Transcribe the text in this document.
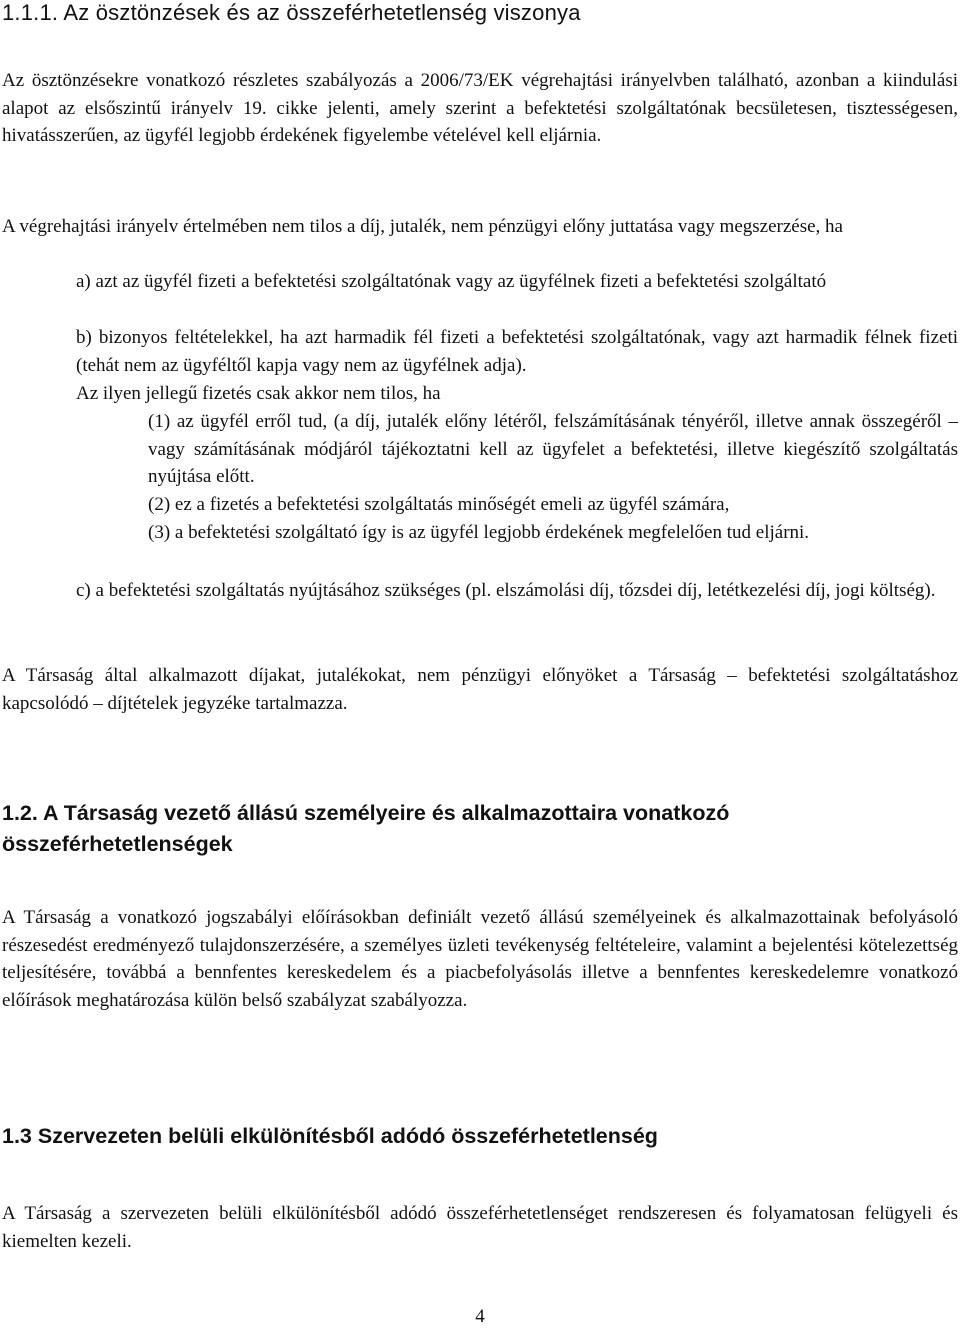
1.1.1. Az ösztönzések és az összeférhetetlenség viszonya

Az ösztönzésekre vonatkozó részletes szabályozás a 2006/73/EK végrehajtási irányelvben található, azonban a kiindulási alapot az elsőszintű irányelv 19. cikke jelenti, amely szerint a befektetési szolgáltatónak becsületesen, tisztességesen, hivatásszerűen, az ügyfél legjobb érdekének figyelembe vételével kell eljárnia.

A végrehajtási irányelv értelmében nem tilos a díj, jutalék, nem pénzügyi előny juttatása vagy megszerzése, ha

a) azt az ügyfél fizeti a befektetési szolgáltatónak vagy az ügyfélnek fizeti a befektetési szolgáltató

b) bizonyos feltételekkel, ha azt harmadik fél fizeti a befektetési szolgáltatónak, vagy azt harmadik félnek fizeti (tehát nem az ügyféltől kapja vagy nem az ügyfélnek adja).

Az ilyen jellegű fizetés csak akkor nem tilos, ha

(1) az ügyfél erről tud, (a díj, jutalék előny létéről, felszámításának tényéről, illetve annak összegéről – vagy számításának módjáról tájékoztatni kell az ügyfelet a befektetési, illetve kiegészítő szolgáltatás nyújtása előtt.

(2) ez a fizetés a befektetési szolgáltatás minőségét emeli az ügyfél számára,

(3) a befektetési szolgáltató így is az ügyfél legjobb érdekének megfelelően tud eljárni.

c) a befektetési szolgáltatás nyújtásához szükséges (pl. elszámolási díj, tőzsdei díj, letétkezelési díj, jogi költség).

A Társaság által alkalmazott díjakat, jutalékokat, nem pénzügyi előnyöket a Társaság – befektetési szolgáltatáshoz kapcsolódó – díjtételek jegyzéke tartalmazza.

1.2. A Társaság vezető állású személyeire és alkalmazottaira vonatkozó összeférhetetlenségek

A Társaság a vonatkozó jogszabályi előírásokban definiált vezető állású személyeinek és alkalmazottainak befolyásoló részesedést eredményező tulajdonszerzésére, a személyes üzleti tevékenység feltételeire, valamint a bejelentési kötelezettség teljesítésére, továbbá a bennfentes kereskedelem és a piacbefolyásolás illetve a bennfentes kereskedelemre vonatkozó előírások meghatározása külön belső szabályzat szabályozza.

1.3 Szervezeten belüli elkülönítésből adódó összeférhetetlenség

A Társaság a szervezeten belüli elkülönítésből adódó összeférhetetlenséget rendszeresen és folyamatosan felügyeli és kiemelten kezeli.

4
